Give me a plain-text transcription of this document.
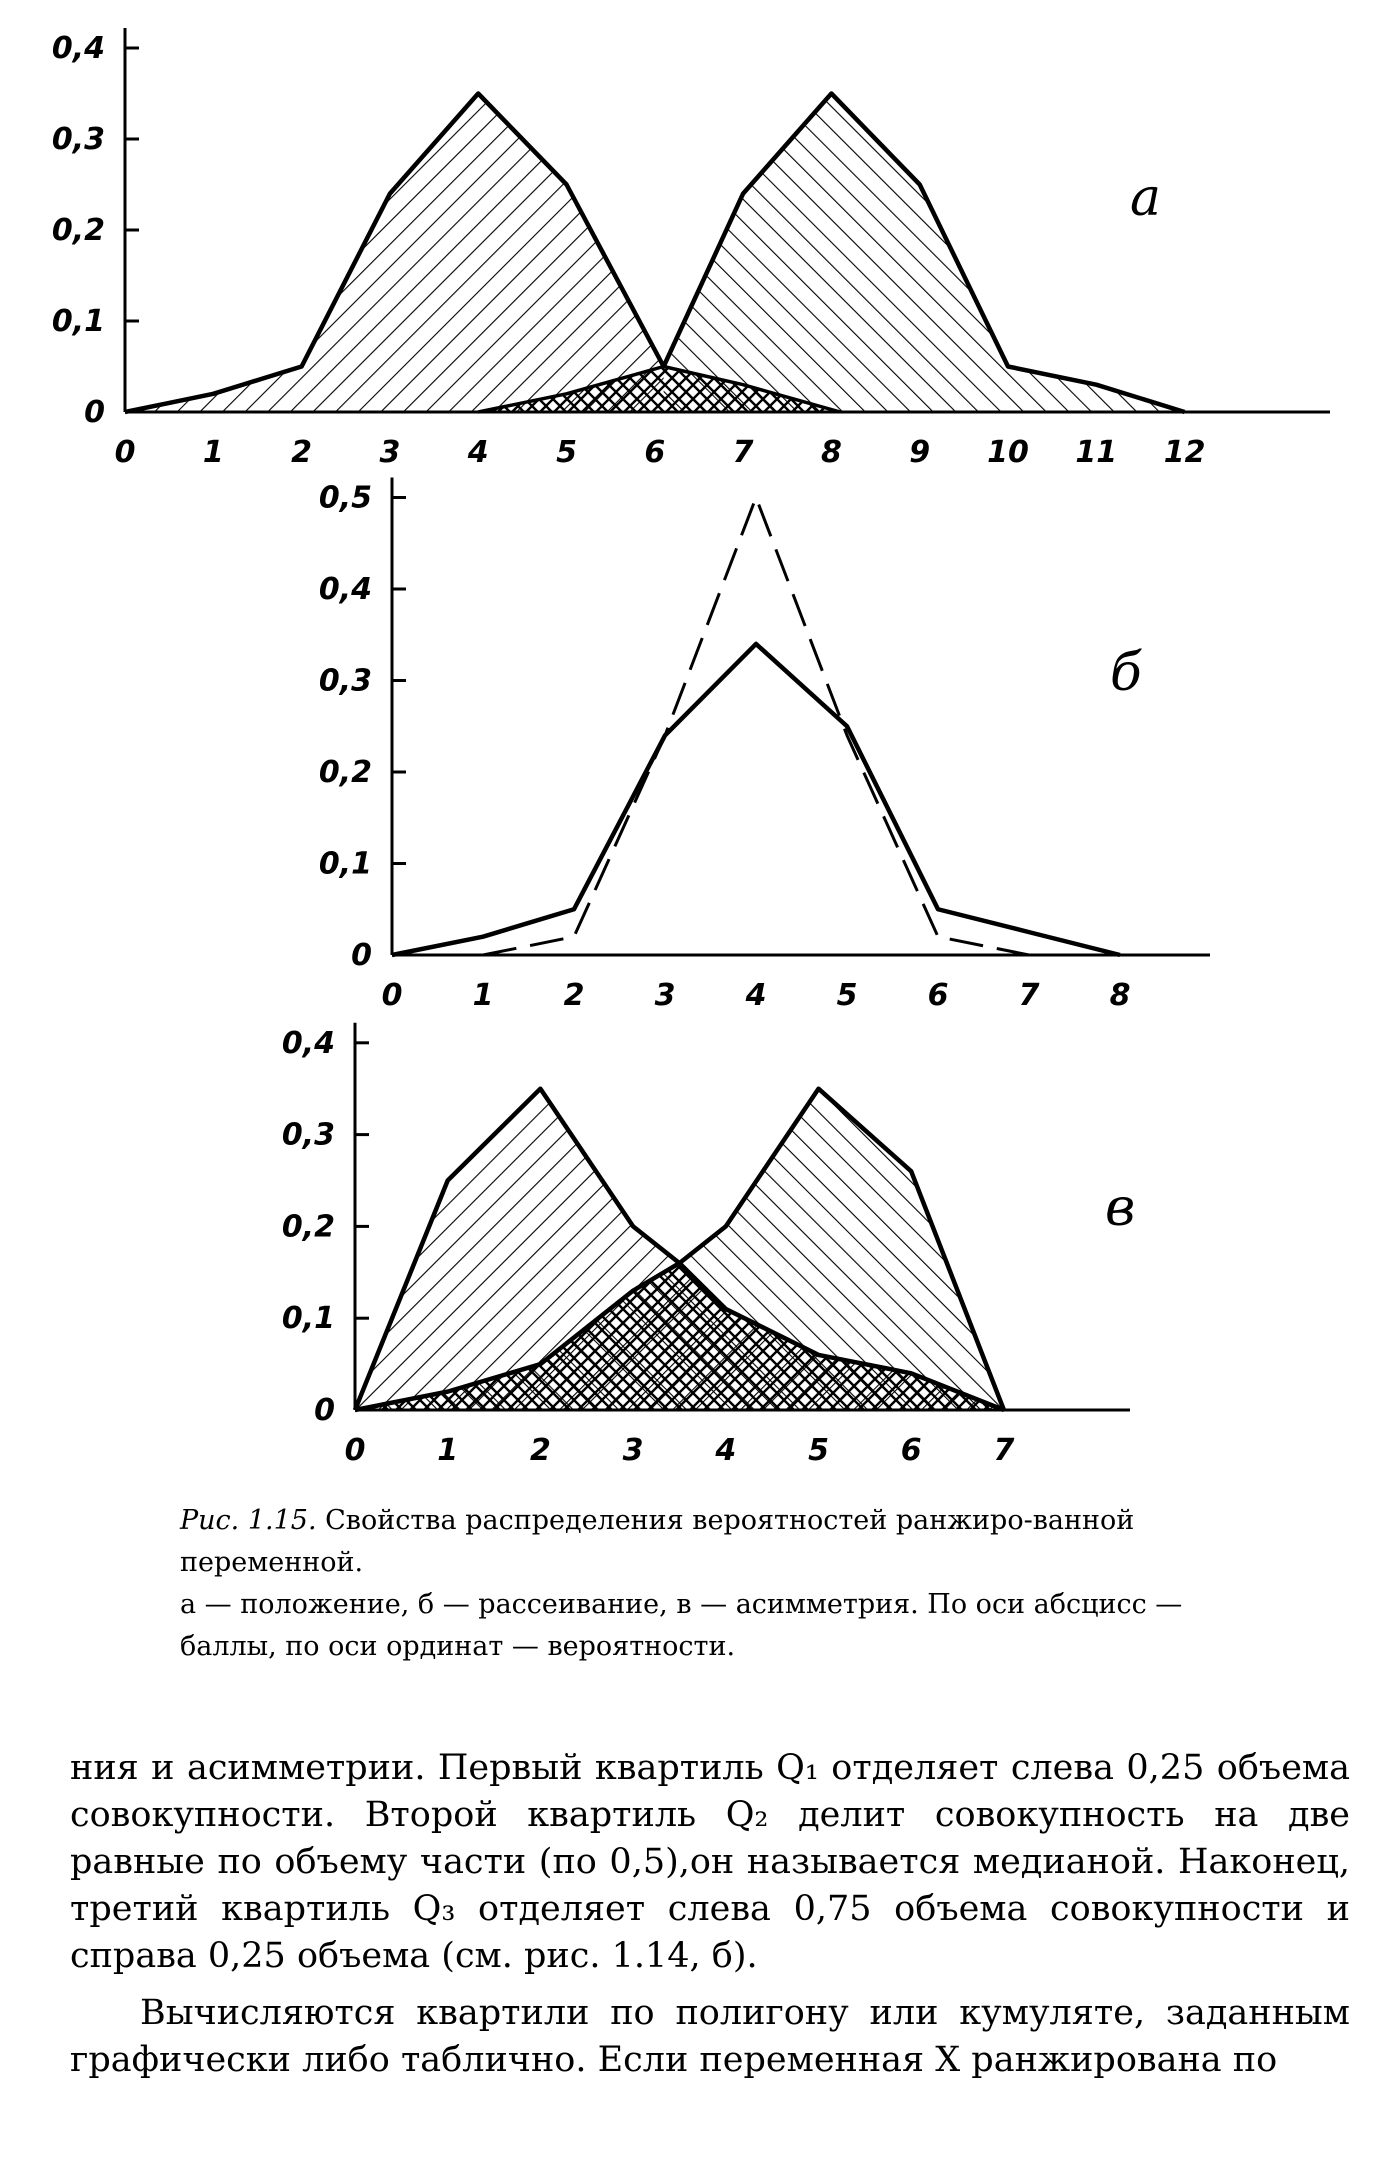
0
0,1
0,2
0,3
0,4
0 1 2 3 4 5 6 7 8 9 10 11 12
а
0
0,1
0,2
0,3
0,4
0,5
0 1 2 3 4 5 6 7 8
б
0
0,1
0,2
0,3
0,4
0 1 2 3 4 5 6 7
в

Рис. 1.15. Свойства распределения вероятностей ранжиро-ванной переменной.

а — положение, б — рассеивание, в — асимметрия. По оси абсцисс — баллы, по оси ординат — вероятности.

ния и асимметрии. Первый квартиль Q₁ отделяет слева 0,25 объема совокупности. Второй квартиль Q₂ делит совокупность на две равные по объему части (по 0,5),он называется медианой. Наконец, третий квартиль Q₃ отделяет слева 0,75 объема совокупности и справа 0,25 объема (см. рис. 1.14, б).

Вычисляются квартили по полигону или кумуляте, заданным графически либо таблично. Если переменная X ранжирована по
